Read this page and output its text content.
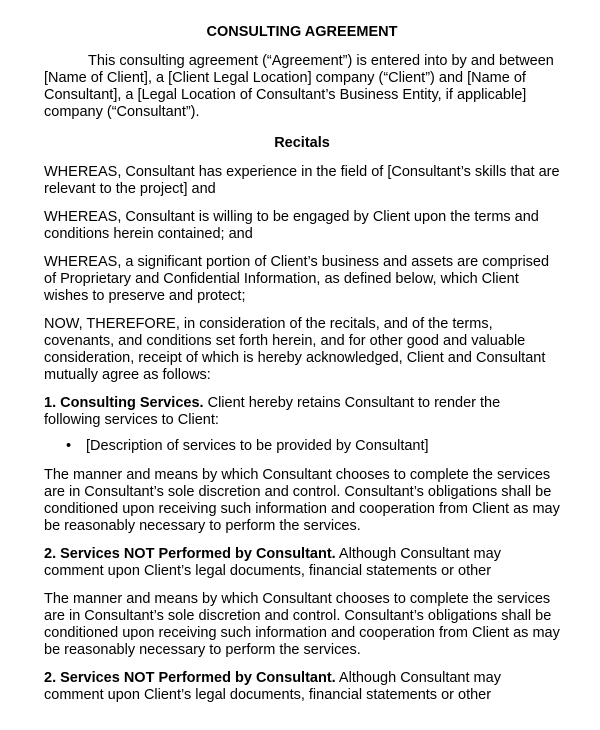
CONSULTING AGREEMENT

This consulting agreement (“Agreement”) is entered into by and between [Name of Client], a [Client Legal Location] company (“Client”) and [Name of Consultant], a [Legal Location of Consultant’s Business Entity, if applicable] company (“Consultant”).

Recitals

WHEREAS, Consultant has experience in the field of [Consultant’s skills that are relevant to the project] and

WHEREAS, Consultant is willing to be engaged by Client upon the terms and conditions herein contained; and

WHEREAS, a significant portion of Client’s business and assets are comprised of Proprietary and Confidential Information, as defined below, which Client wishes to preserve and protect;

NOW, THEREFORE, in consideration of the recitals, and of the terms, covenants, and conditions set forth herein, and for other good and valuable consideration, receipt of which is hereby acknowledged, Client and Consultant mutually agree as follows:

1. Consulting Services. Client hereby retains Consultant to render the following services to Client:

• [Description of services to be provided by Consultant]

The manner and means by which Consultant chooses to complete the services are in Consultant’s sole discretion and control. Consultant’s obligations shall be conditioned upon receiving such information and cooperation from Client as may be reasonably necessary to perform the services.

2. Services NOT Performed by Consultant. Although Consultant may comment upon Client’s legal documents, financial statements or other

The manner and means by which Consultant chooses to complete the services are in Consultant’s sole discretion and control. Consultant’s obligations shall be conditioned upon receiving such information and cooperation from Client as may be reasonably necessary to perform the services.

2. Services NOT Performed by Consultant. Although Consultant may comment upon Client’s legal documents, financial statements or other
